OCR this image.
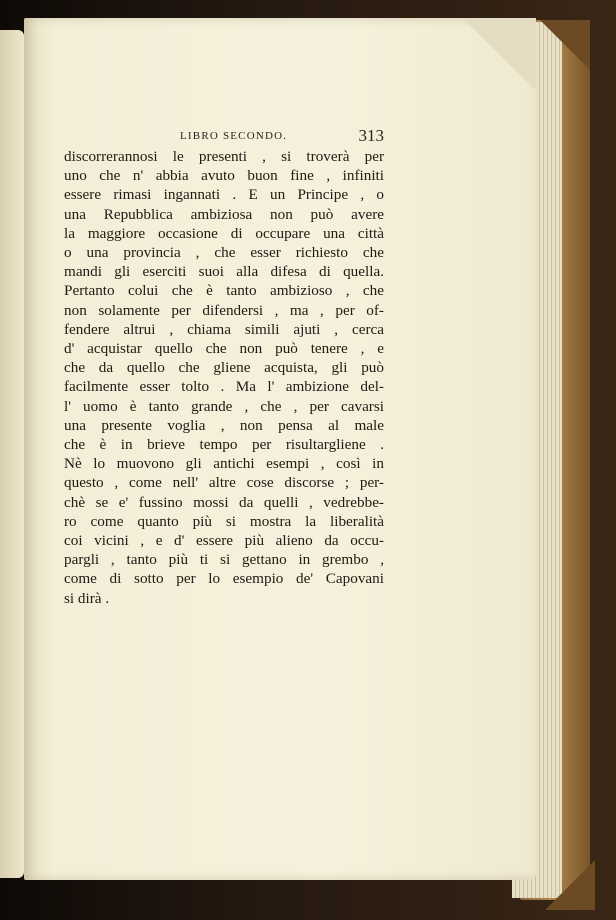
LIBRO SECONDO.	313
discorrerannosi le presenti , si troverà per
uno che n' abbia avuto buon fine , infiniti
essere rimasi ingannati . E un Principe , o
una Repubblica ambiziosa non può avere
la maggiore occasione di occupare una città
o una provincia , che esser richiesto che
mandi gli eserciti suoi alla difesa di quella.
Pertanto colui che è tanto ambizioso , che
non solamente per difendersi , ma , per of-
fendere altrui , chiama simili ajuti , cerca
d' acquistar quello che non può tenere , e
che da quello che gliene acquista, gli può
facilmente esser tolto . Ma l' ambizione del-
l' uomo è tanto grande , che , per cavarsi
una presente voglia , non pensa al male
che è in brieve tempo per risultargliene .
Nè lo muovono gli antichi esempi , così in
questo , come nell' altre cose discorse ; per-
chè se e' fussino mossi da quelli , vedrebbe-
ro come quanto più si mostra la liberalità
coi vicini , e d' essere più alieno da occu-
pargli , tanto più ti si gettano in grembo ,
come di sotto per lo esempio de' Capovani
si dirà .
